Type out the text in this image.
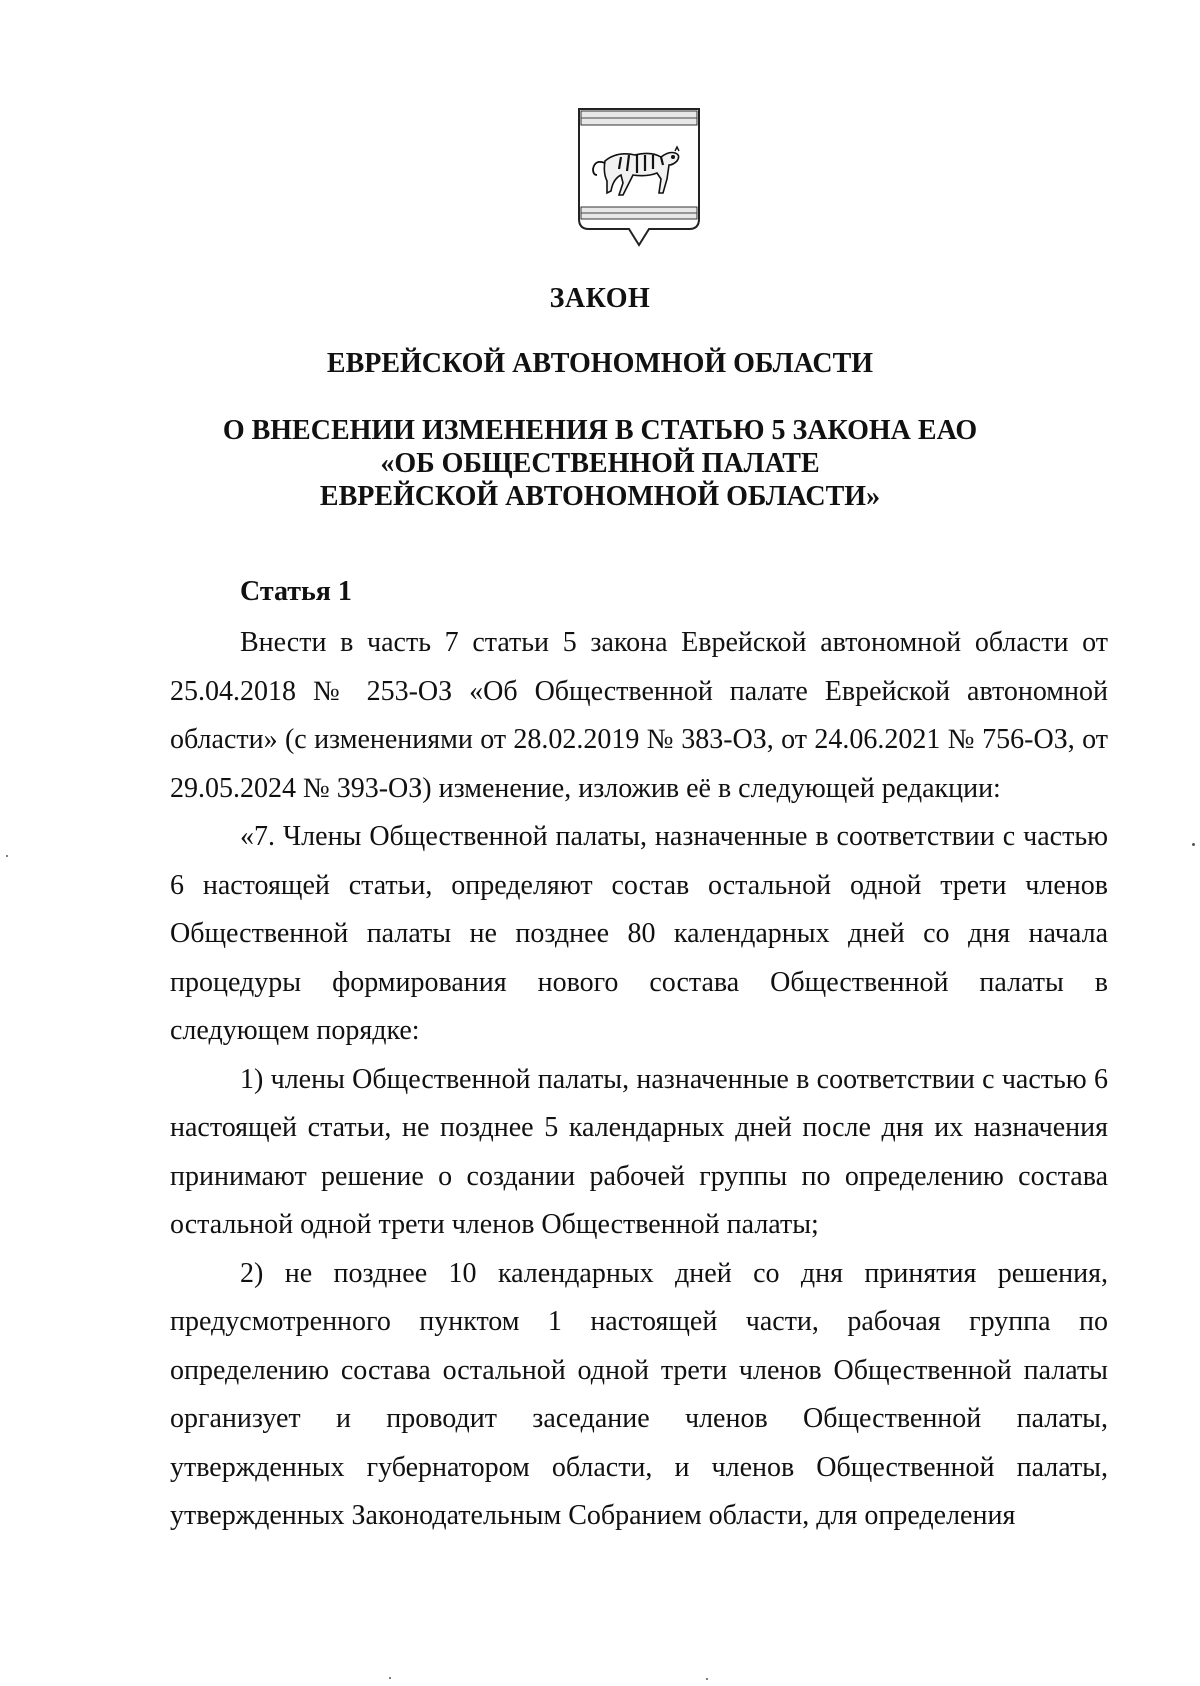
ЗАКОН
ЕВРЕЙСКОЙ АВТОНОМНОЙ ОБЛАСТИ
О ВНЕСЕНИИ ИЗМЕНЕНИЯ В СТАТЬЮ 5 ЗАКОНА ЕАО
«ОБ ОБЩЕСТВЕННОЙ ПАЛАТЕ
ЕВРЕЙСКОЙ АВТОНОМНОЙ ОБЛАСТИ»
Статья 1

Внести в часть 7 статьи 5 закона Еврейской автономной области от 25.04.2018 № 253-ОЗ «Об Общественной палате Еврейской автономной области» (с изменениями от 28.02.2019 № 383-ОЗ, от 24.06.2021 № 756-ОЗ, от 29.05.2024 № 393-ОЗ) изменение, изложив её в следующей редакции:

«7. Члены Общественной палаты, назначенные в соответствии с частью 6 настоящей статьи, определяют состав остальной одной трети членов Общественной палаты не позднее 80 календарных дней со дня начала процедуры формирования нового состава Общественной палаты в следующем порядке:

1) члены Общественной палаты, назначенные в соответствии с частью 6 настоящей статьи, не позднее 5 календарных дней после дня их назначения принимают решение о создании рабочей группы по определению состава остальной одной трети членов Общественной палаты;

2) не позднее 10 календарных дней со дня принятия решения, предусмотренного пунктом 1 настоящей части, рабочая группа по определению состава остальной одной трети членов Общественной палаты организует и проводит заседание членов Общественной палаты, утвержденных губернатором области, и членов Общественной палаты, утвержденных Законодательным Собранием области, для определения
